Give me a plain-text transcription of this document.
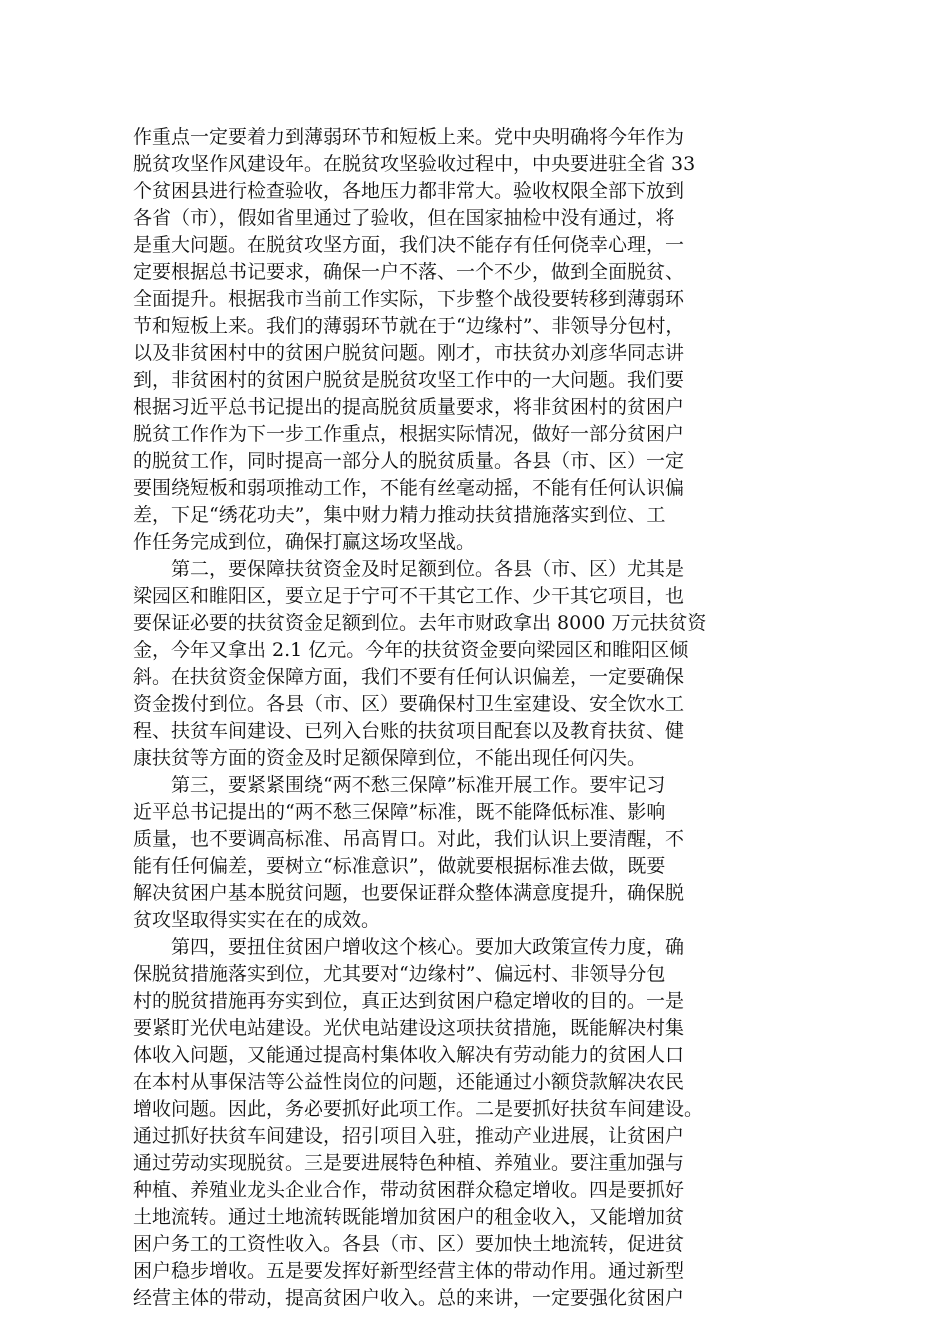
作重点一定要着力到薄弱环节和短板上来。党中央明确将今年作为
脱贫攻坚作风建设年。在脱贫攻坚验收过程中，中央要进驻全省 33
个贫困县进行检查验收，各地压力都非常大。验收权限全部下放到
各省（市），假如省里通过了验收，但在国家抽检中没有通过，将
是重大问题。在脱贫攻坚方面，我们决不能存有任何侥幸心理，一
定要根据总书记要求，确保一户不落、一个不少，做到全面脱贫、
全面提升。根据我市当前工作实际，下步整个战役要转移到薄弱环
节和短板上来。我们的薄弱环节就在于“边缘村”、非领导分包村，
以及非贫困村中的贫困户脱贫问题。刚才，市扶贫办刘彦华同志讲
到，非贫困村的贫困户脱贫是脱贫攻坚工作中的一大问题。我们要
根据习近平总书记提出的提高脱贫质量要求，将非贫困村的贫困户
脱贫工作作为下一步工作重点，根据实际情况，做好一部分贫困户
的脱贫工作，同时提高一部分人的脱贫质量。各县（市、区）一定
要围绕短板和弱项推动工作，不能有丝毫动摇，不能有任何认识偏
差，下足“绣花功夫”，集中财力精力推动扶贫措施落实到位、工
作任务完成到位，确保打赢这场攻坚战。
　　第二，要保障扶贫资金及时足额到位。各县（市、区）尤其是
梁园区和睢阳区，要立足于宁可不干其它工作、少干其它项目，也
要保证必要的扶贫资金足额到位。去年市财政拿出 8000 万元扶贫资
金，今年又拿出 2.1 亿元。今年的扶贫资金要向梁园区和睢阳区倾
斜。在扶贫资金保障方面，我们不要有任何认识偏差，一定要确保
资金拨付到位。各县（市、区）要确保村卫生室建设、安全饮水工
程、扶贫车间建设、已列入台账的扶贫项目配套以及教育扶贫、健
康扶贫等方面的资金及时足额保障到位，不能出现任何闪失。
　　第三，要紧紧围绕“两不愁三保障”标准开展工作。要牢记习
近平总书记提出的“两不愁三保障”标准，既不能降低标准、影响
质量，也不要调高标准、吊高胃口。对此，我们认识上要清醒，不
能有任何偏差，要树立“标准意识”，做就要根据标准去做，既要
解决贫困户基本脱贫问题，也要保证群众整体满意度提升，确保脱
贫攻坚取得实实在在的成效。
　　第四，要扭住贫困户增收这个核心。要加大政策宣传力度，确
保脱贫措施落实到位，尤其要对“边缘村”、偏远村、非领导分包
村的脱贫措施再夯实到位，真正达到贫困户稳定增收的目的。一是
要紧盯光伏电站建设。光伏电站建设这项扶贫措施，既能解决村集
体收入问题，又能通过提高村集体收入解决有劳动能力的贫困人口
在本村从事保洁等公益性岗位的问题，还能通过小额贷款解决农民
增收问题。因此，务必要抓好此项工作。二是要抓好扶贫车间建设。
通过抓好扶贫车间建设，招引项目入驻，推动产业进展，让贫困户
通过劳动实现脱贫。三是要进展特色种植、养殖业。要注重加强与
种植、养殖业龙头企业合作，带动贫困群众稳定增收。四是要抓好
土地流转。通过土地流转既能增加贫困户的租金收入，又能增加贫
困户务工的工资性收入。各县（市、区）要加快土地流转，促进贫
困户稳步增收。五是要发挥好新型经营主体的带动作用。通过新型
经营主体的带动，提高贫困户收入。总的来讲，一定要强化贫困户
